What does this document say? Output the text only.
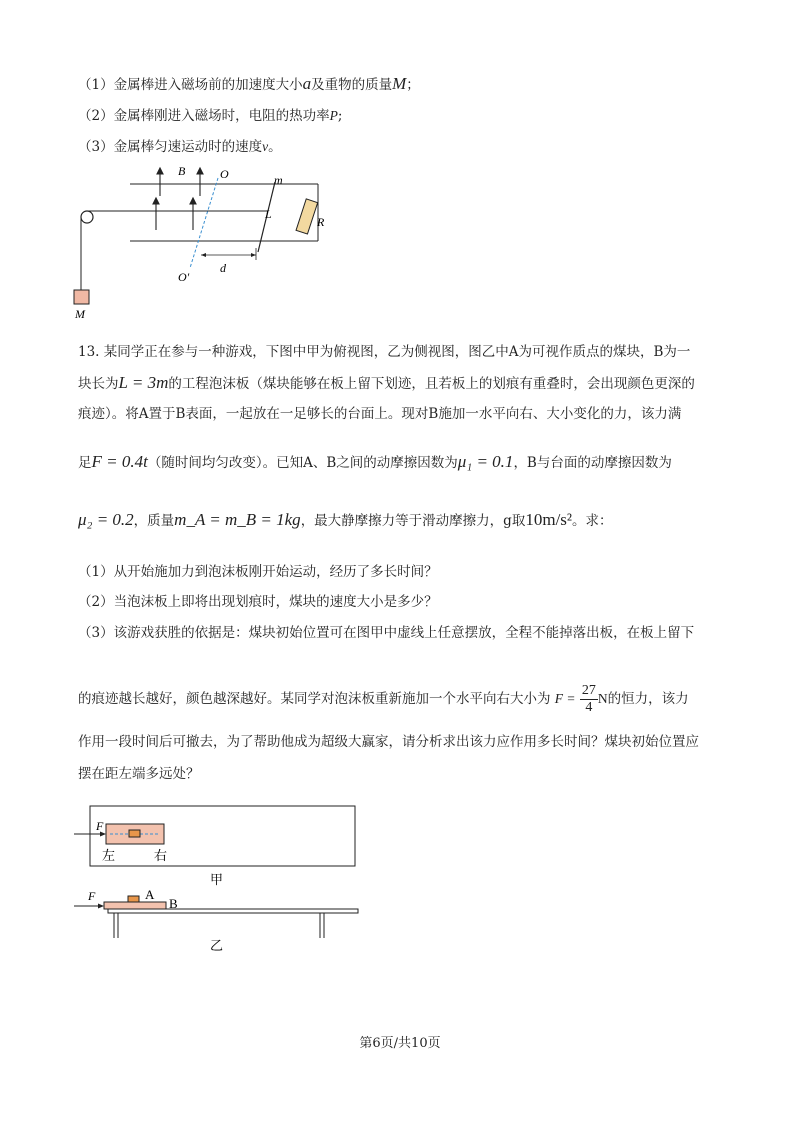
（1）金属棒进入磁场前的加速度大小a及重物的质量M；
（2）金属棒刚进入磁场时，电阻的热功率P;
（3）金属棒匀速运动时的速度v。
B	O	m
L
R
d
O'
M
13. 某同学正在参与一种游戏，下图中甲为俯视图，乙为侧视图，图乙中A为可视作质点的煤块，B为一
块长为L = 3m的工程泡沫板（煤块能够在板上留下划迹，且若板上的划痕有重叠时，会出现颜色更深的
痕迹）。将A置于B表面，一起放在一足够长的台面上。现对B施加一水平向右、大小变化的力，该力满
足F = 0.4t（随时间均匀改变）。已知A、B之间的动摩擦因数为μ₁ = 0.1，B与台面的动摩擦因数为
μ₂ = 0.2，质量m_A = m_B = 1kg，最大静摩擦力等于滑动摩擦力，g取10m/s²。求：
（1）从开始施加力到泡沫板刚开始运动，经历了多长时间？
（2）当泡沫板上即将出现划痕时，煤块的速度大小是多少？
（3）该游戏获胜的依据是：煤块初始位置可在图甲中虚线上任意摆放，全程不能掉落出板，在板上留下
的痕迹越长越好，颜色越深越好。某同学对泡沫板重新施加一个水平向右大小为 $F = \frac{27}{4}$ N的恒力，该力
作用一段时间后可撤去，为了帮助他成为超级大赢家，请分析求出该力应作用多长时间？煤块初始位置应
摆在距左端多远处？
F
左	右
甲
F	A
B
乙
第6页/共10页
